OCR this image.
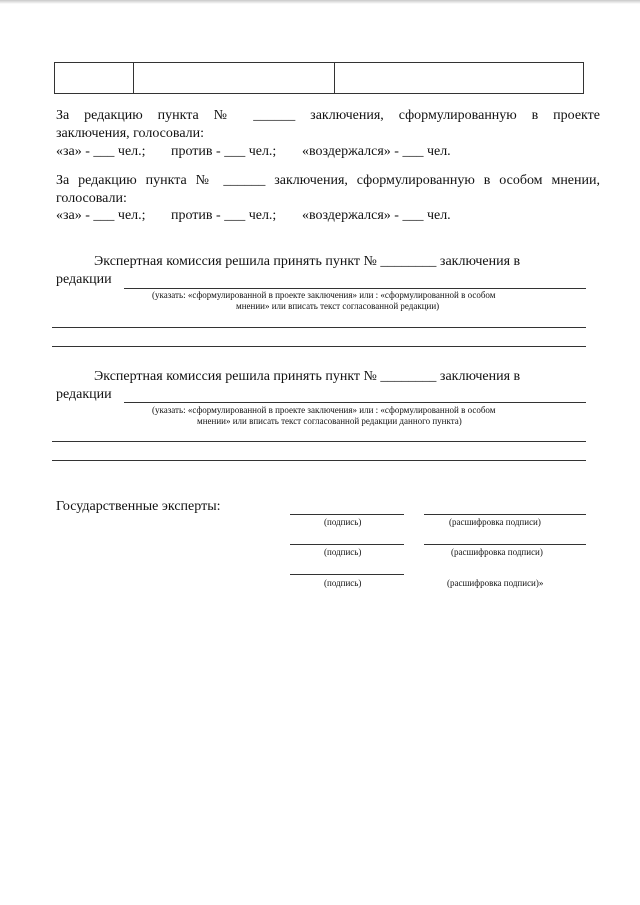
За редакцию пункта № ______ заключения, сформулированную в проекте
заключения, голосовали:
«за» - ___ чел.; против - ___ чел.; «воздержался» - ___ чел.
За редакцию пункта № ______ заключения, сформулированную в особом мнении,
голосовали:
«за» - ___ чел.; против - ___ чел.; «воздержался» - ___ чел.
Экспертная комиссия решила принять пункт № ________ заключения в
редакции
(указать: «сформулированной в проекте заключения» или : «сформулированной в особом
мнении» или вписать текст согласованной редакции)
Экспертная комиссия решила принять пункт № ________ заключения в
редакции
(указать: «сформулированной в проекте заключения» или : «сформулированной в особом
мнении» или вписать текст согласованной редакции данного пункта)
Государственные эксперты:
(подпись)	(расшифровка подписи)
(подпись)	(расшифровка подписи)
(подпись)	(расшифровка подписи)»
